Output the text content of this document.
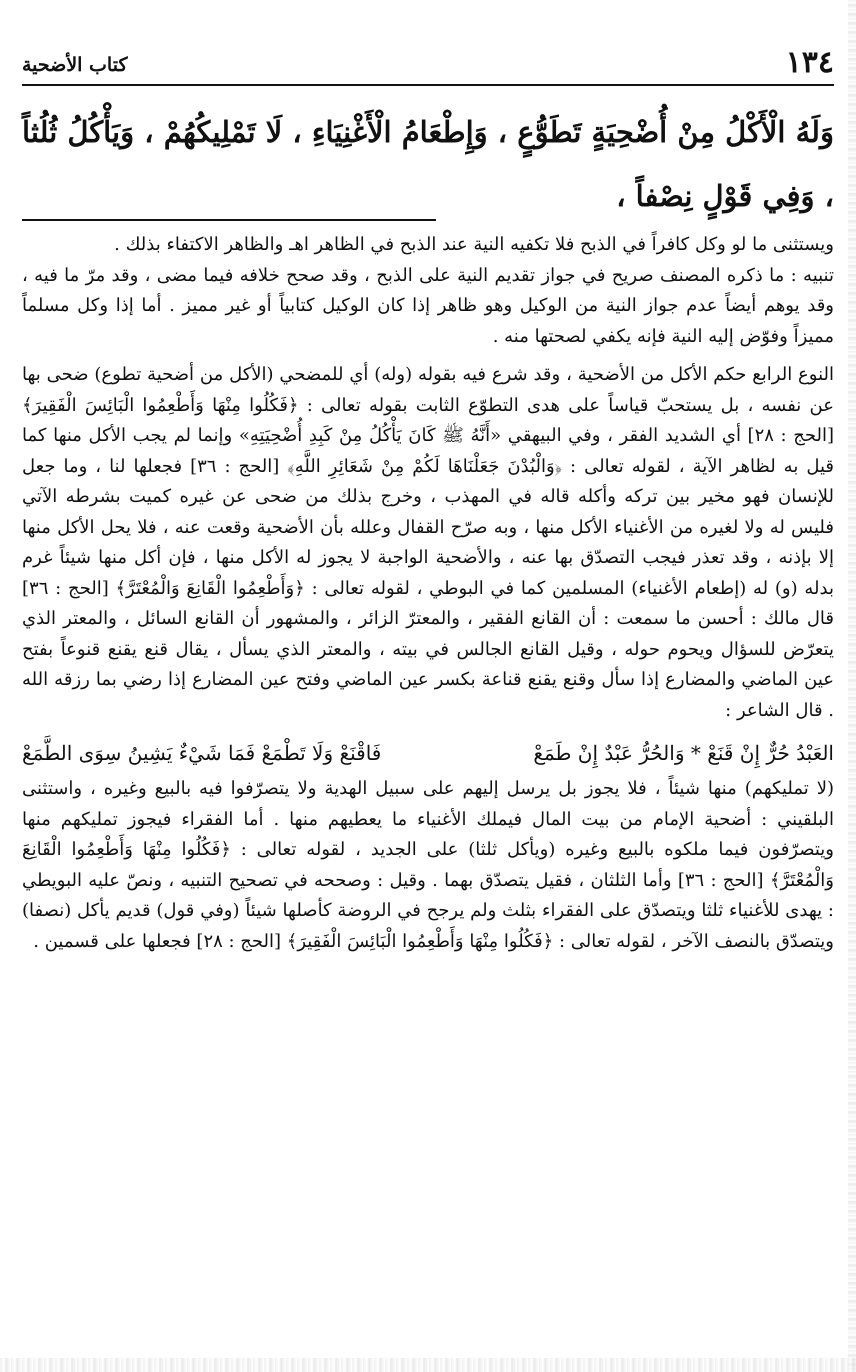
١٣٤
كتاب الأضحية
وَلَهُ الْأَكْلُ مِنْ أُضْحِيَةٍ تَطَوُّعٍ ، وَإِطْعَامُ الْأَغْنِيَاءِ ، لَا تَمْلِيكُهُمْ ، وَيَأْكُلُ ثُلُثاً ، وَفِي قَوْلٍ نِصْفاً ،

ويستثنى ما لو وكل كافراً في الذبح فلا تكفيه النية عند الذبح في الظاهر اهـ والظاهر الاكتفاء بذلك .

تنبيه : ما ذكره المصنف صريح في جواز تقديم النية على الذبح ، وقد صحح خلافه فيما مضى ، وقد مرّ ما فيه ، وقد يوهم أيضاً عدم جواز النية من الوكيل وهو ظاهر إذا كان الوكيل كتابياً أو غير مميز . أما إذا وكل مسلماً مميزاً وفوّض إليه النية فإنه يكفي لصحتها منه .

النوع الرابع حكم الأكل من الأضحية ، وقد شرع فيه بقوله (وله) أي للمضحي (الأكل من أضحية تطوع) ضحى بها عن نفسه ، بل يستحبّ قياساً على هدى التطوّع الثابت بقوله تعالى : ﴿فَكُلُوا مِنْهَا وَأَطْعِمُوا الْبَائِسَ الْفَقِيرَ﴾ [الحج : ٢٨] أي الشديد الفقر ، وفي البيهقي «أَنَّهُ ﷺ كَانَ يَأْكُلُ مِنْ كَبِدِ أُضْحِيَتِهِ» وإنما لم يجب الأكل منها كما قيل به لظاهر الآية ، لقوله تعالى : ﴿وَالْبُدْنَ جَعَلْنَاهَا لَكُمْ مِنْ شَعَائِرِ اللَّهِ﴾ [الحج : ٣٦] فجعلها لنا ، وما جعل للإنسان فهو مخير بين تركه وأكله قاله في المهذب ، وخرج بذلك من ضحى عن غيره كميت بشرطه الآتي فليس له ولا لغيره من الأغنياء الأكل منها ، وبه صرّح القفال وعلله بأن الأضحية وقعت عنه ، فلا يحل الأكل منها إلا بإذنه ، وقد تعذر فيجب التصدّق بها عنه ، والأضحية الواجبة لا يجوز له الأكل منها ، فإن أكل منها شيئاً غرم بدله (و) له (إطعام الأغنياء) المسلمين كما في البوطي ، لقوله تعالى : ﴿وَأَطْعِمُوا الْقَانِعَ وَالْمُعْتَرَّ﴾ [الحج : ٣٦] قال مالك : أحسن ما سمعت : أن القانع الفقير ، والمعترّ الزائر ، والمشهور أن القانع السائل ، والمعتر الذي يتعرّض للسؤال ويحوم حوله ، وقيل القانع الجالس في بيته ، والمعتر الذي يسأل ، يقال قنع يقنع قنوعاً بفتح عين الماضي والمضارع إذا سأل وقنع يقنع قناعة بكسر عين الماضي وفتح عين المضارع إذا رضي بما رزقه الله . قال الشاعر :

العَبْدُ حُرٌّ إِنْ قَنَعْ * وَالحُرُّ عَبْدٌ إِنْ طَمَعْ
فَاقْنَعْ وَلَا تَطْمَعْ فَمَا شَيْءٌ يَشِينُ سِوَى الطَّمَعْ

(لا تمليكهم) منها شيئاً ، فلا يجوز بل يرسل إليهم على سبيل الهدية ولا يتصرّفوا فيه بالبيع وغيره ، واستثنى البلقيني : أضحية الإمام من بيت المال فيملك الأغنياء ما يعطيهم منها . أما الفقراء فيجوز تمليكهم منها ويتصرّفون فيما ملكوه بالبيع وغيره (ويأكل ثلثا) على الجديد ، لقوله تعالى : ﴿فَكُلُوا مِنْهَا وَأَطْعِمُوا الْقَانِعَ وَالْمُعْتَرَّ﴾ [الحج : ٣٦] وأما الثلثان ، فقيل يتصدّق بهما . وقيل : وصححه في تصحيح التنبيه ، ونصّ عليه البويطي : يهدى للأغنياء ثلثا ويتصدّق على الفقراء بثلث ولم يرجح في الروضة كأصلها شيئاً (وفي قول) قديم يأكل (نصفا) ويتصدّق بالنصف الآخر ، لقوله تعالى : ﴿فَكُلُوا مِنْهَا وَأَطْعِمُوا الْبَائِسَ الْفَقِيرَ﴾ [الحج : ٢٨] فجعلها على قسمين .
